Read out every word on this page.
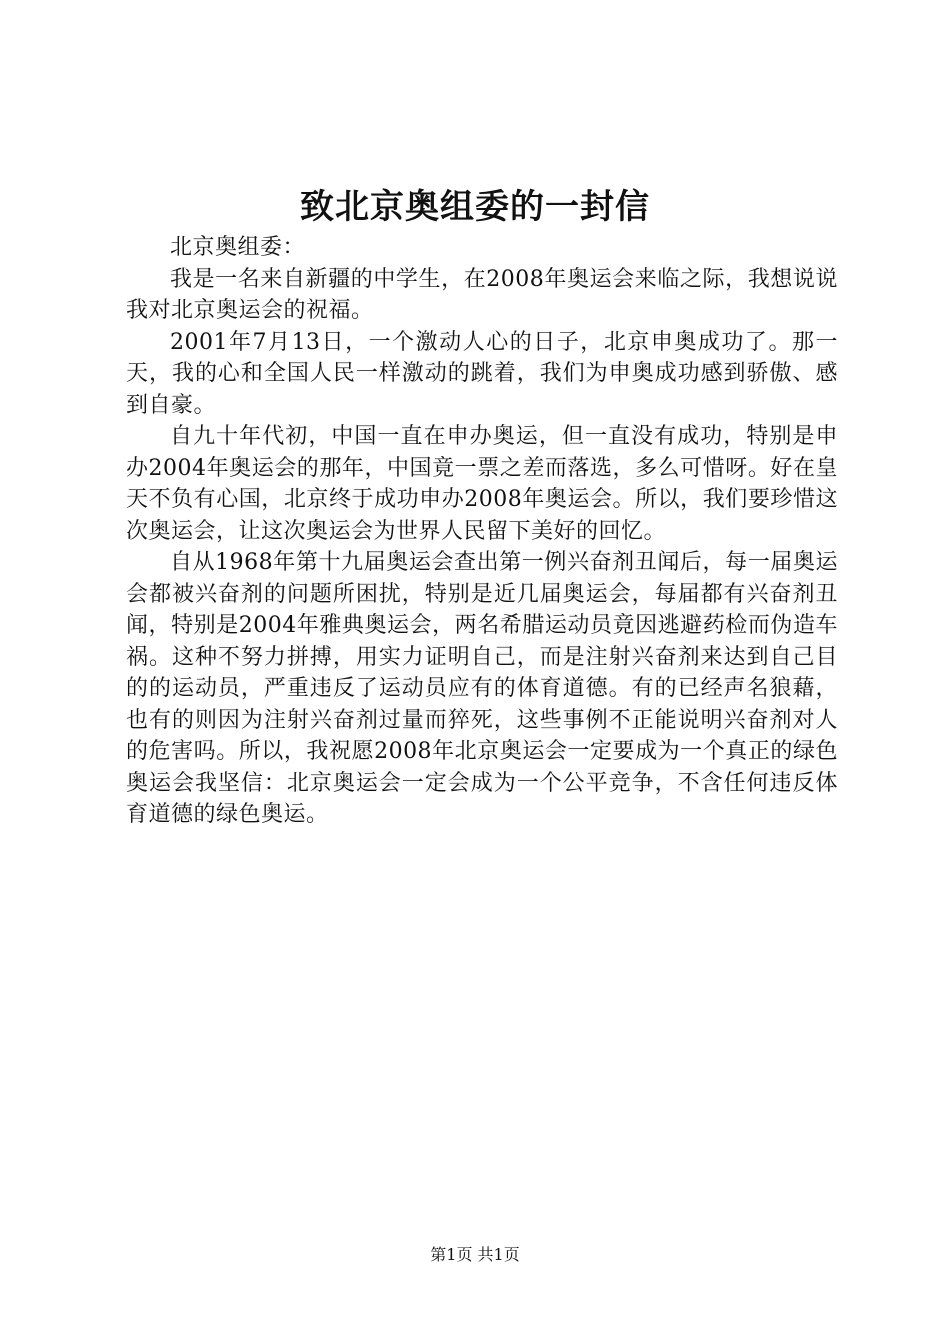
致北京奥组委的一封信

北京奥组委：

我是一名来自新疆的中学生，在2008年奥运会来临之际，我想说说我对北京奥运会的祝福。

2001年7月13日，一个激动人心的日子，北京申奥成功了。那一天，我的心和全国人民一样激动的跳着，我们为申奥成功感到骄傲、感到自豪。

自九十年代初，中国一直在申办奥运，但一直没有成功，特别是申办2004年奥运会的那年，中国竟一票之差而落选，多么可惜呀。好在皇天不负有心国，北京终于成功申办2008年奥运会。所以，我们要珍惜这次奥运会，让这次奥运会为世界人民留下美好的回忆。

自从1968年第十九届奥运会查出第一例兴奋剂丑闻后，每一届奥运会都被兴奋剂的问题所困扰，特别是近几届奥运会，每届都有兴奋剂丑闻，特别是2004年雅典奥运会，两名希腊运动员竟因逃避药检而伪造车祸。这种不努力拼搏，用实力证明自己，而是注射兴奋剂来达到自己目的的运动员，严重违反了运动员应有的体育道德。有的已经声名狼藉，也有的则因为注射兴奋剂过量而猝死，这些事例不正能说明兴奋剂对人的危害吗。所以，我祝愿2008年北京奥运会一定要成为一个真正的绿色奥运会我坚信：北京奥运会一定会成为一个公平竞争，不含任何违反体育道德的绿色奥运。

第1页 共1页
